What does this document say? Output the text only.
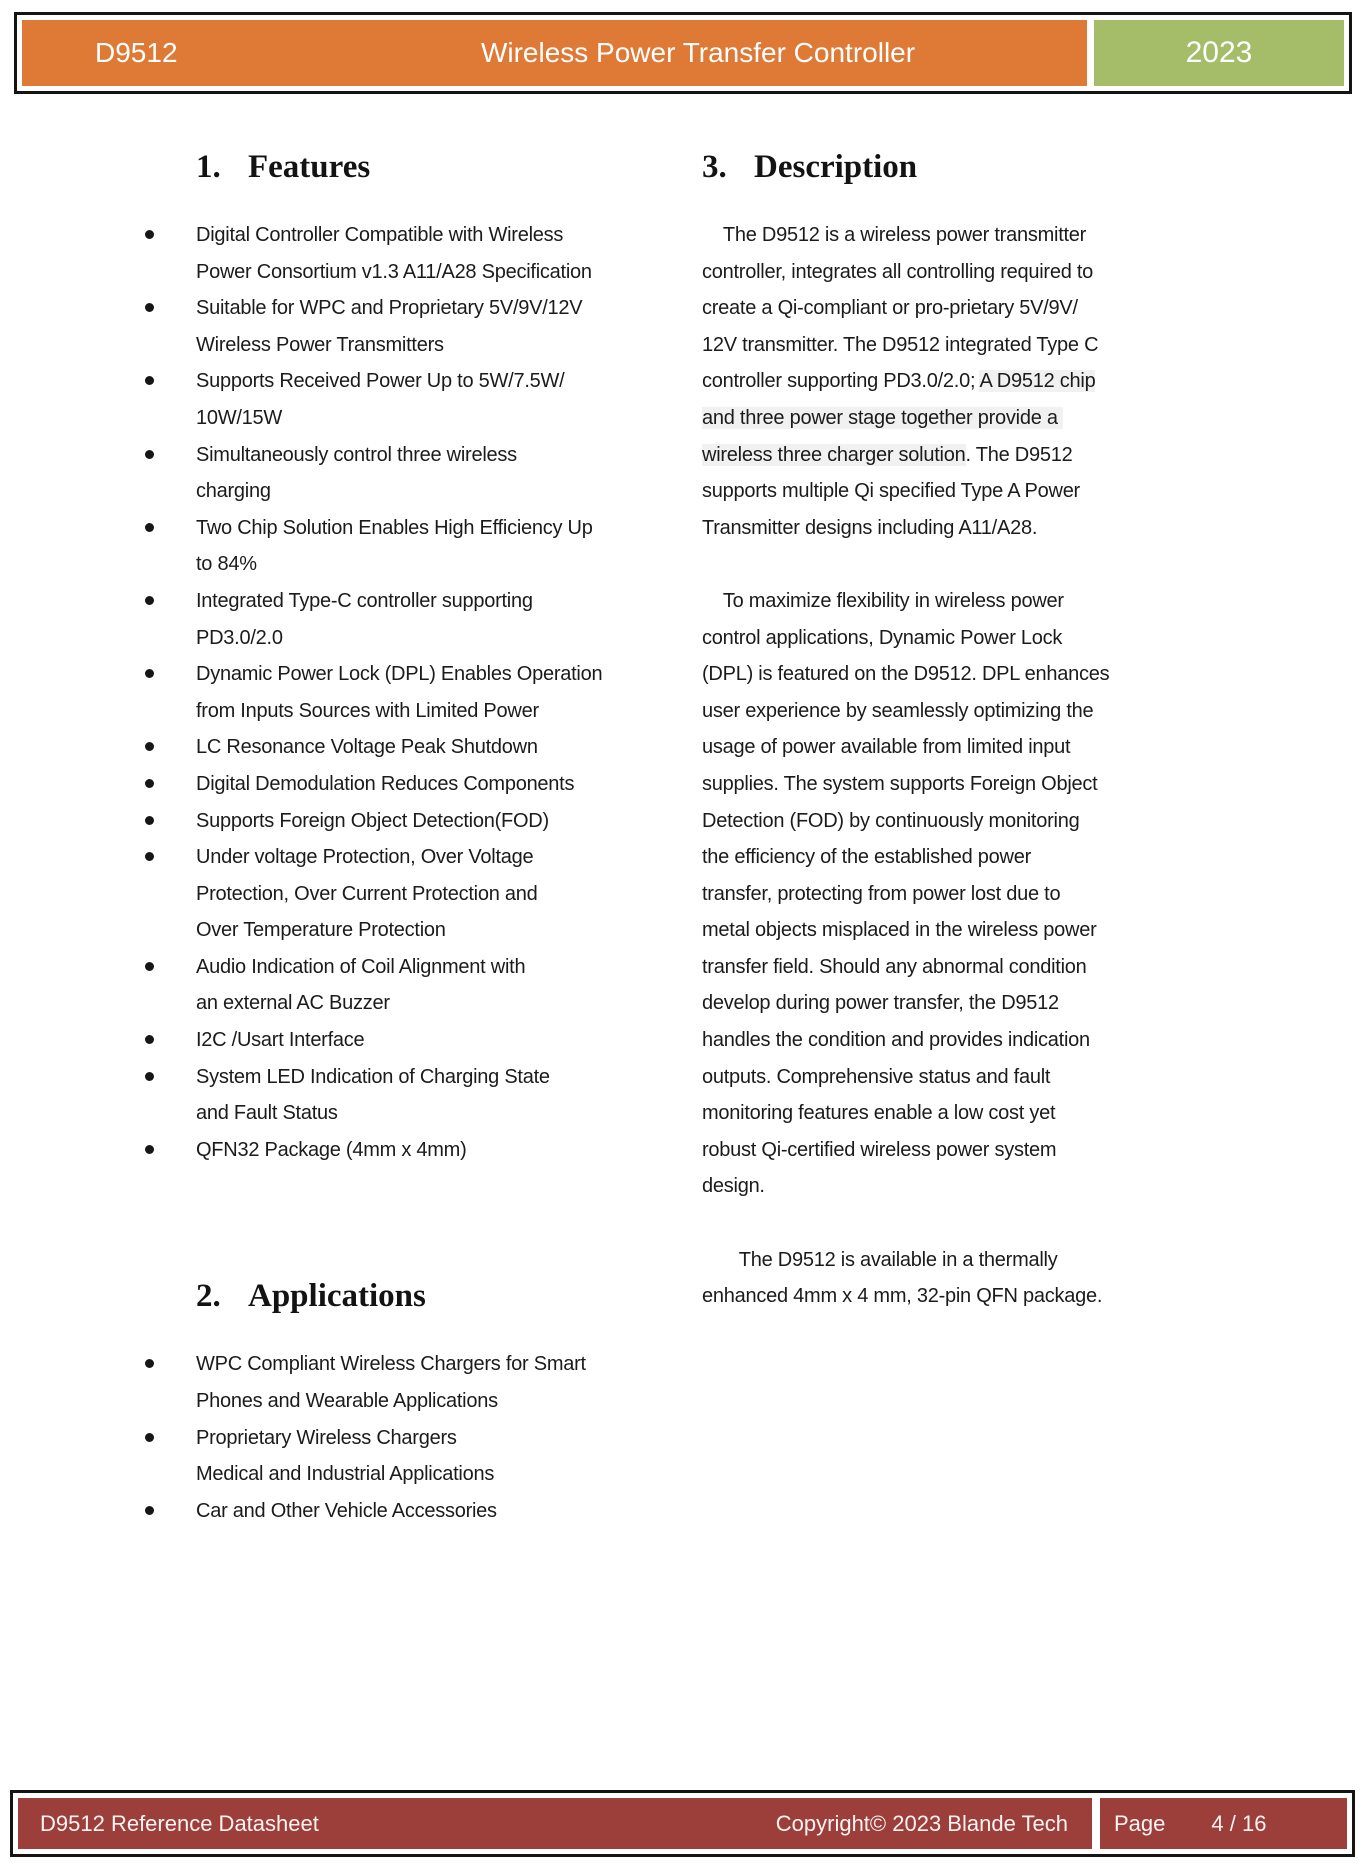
D9512	Wireless Power Transfer Controller	2023
1. Features
Digital Controller Compatible with Wireless
Power Consortium v1.3 A11/A28 Specification
Suitable for WPC and Proprietary 5V/9V/12V
Wireless Power Transmitters
Supports Received Power Up to 5W/7.5W/
10W/15W
Simultaneously control three wireless
charging
Two Chip Solution Enables High Efficiency Up
to 84%
Integrated Type-C controller supporting
PD3.0/2.0
Dynamic Power Lock (DPL) Enables Operation
from Inputs Sources with Limited Power
LC Resonance Voltage Peak Shutdown
Digital Demodulation Reduces Components
Supports Foreign Object Detection(FOD)
Under voltage Protection, Over Voltage
Protection, Over Current Protection and
Over Temperature Protection
Audio Indication of Coil Alignment with
an external AC Buzzer
I2C /Usart Interface
System LED Indication of Charging State
and Fault Status
QFN32 Package (4mm x 4mm)
2. Applications
WPC Compliant Wireless Chargers for Smart
Phones and Wearable Applications
Proprietary Wireless Chargers
Medical and Industrial Applications
Car and Other Vehicle Accessories
3. Description
The D9512 is a wireless power transmitter
controller, integrates all controlling required to
create a Qi-compliant or pro-prietary 5V/9V/
12V transmitter. The D9512 integrated Type C
controller supporting PD3.0/2.0; A D9512 chip
and three power stage together provide a
wireless three charger solution. The D9512
supports multiple Qi specified Type A Power
Transmitter designs including A11/A28.
To maximize flexibility in wireless power
control applications, Dynamic Power Lock
(DPL) is featured on the D9512. DPL enhances
user experience by seamlessly optimizing the
usage of power available from limited input
supplies. The system supports Foreign Object
Detection (FOD) by continuously monitoring
the efficiency of the established power
transfer, protecting from power lost due to
metal objects misplaced in the wireless power
transfer field. Should any abnormal condition
develop during power transfer, the D9512
handles the condition and provides indication
outputs. Comprehensive status and fault
monitoring features enable a low cost yet
robust Qi-certified wireless power system
design.
The D9512 is available in a thermally
enhanced 4mm x 4 mm, 32-pin QFN package.
D9512 Reference Datasheet	Copyright© 2023 Blande Tech Page 4 / 16
